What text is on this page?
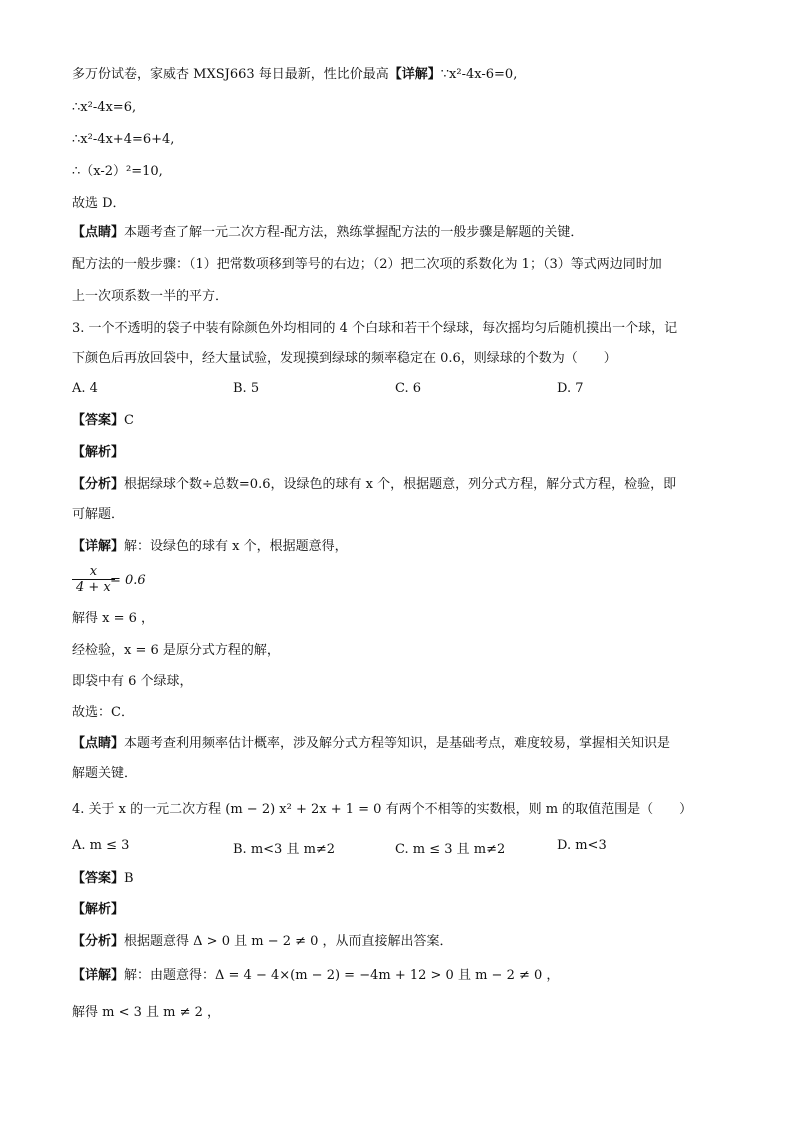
多万份试卷，家威杏 MXSJ663 每日最新，性比价最高【详解】∵x²-4x-6=0,
∴x²-4x=6,
∴x²-4x+4=6+4,
∴（x-2）²=10,
故选 D．
【点睛】本题考查了解一元二次方程-配方法，熟练掌握配方法的一般步骤是解题的关键．
配方法的一般步骤：（1）把常数项移到等号的右边；（2）把二次项的系数化为 1；（3）等式两边同时加
上一次项系数一半的平方．
3. 一个不透明的袋子中装有除颜色外均相同的 4 个白球和若干个绿球，每次摇均匀后随机摸出一个球，记
下颜色后再放回袋中，经大量试验，发现摸到绿球的频率稳定在 0.6，则绿球的个数为（　　）
A. 4	B. 5	C. 6	D. 7
【答案】C
【解析】
【分析】根据绿球个数÷总数=0.6，设绿色的球有 x 个，根据题意，列分式方程，解分式方程，检验，即
可解题．
【详解】解：设绿色的球有 x 个，根据题意得，
$\frac{x}{4 + x}$
= 0.6
解得 x = 6 ，
经检验，x = 6 是原分式方程的解，
即袋中有 6 个绿球，
故选：C．
【点睛】本题考查利用频率估计概率，涉及解分式方程等知识，是基础考点，难度较易，掌握相关知识是
解题关键．
4. 关于 x 的一元二次方程 (m − 2) x² + 2x + 1 = 0 有两个不相等的实数根，则 m 的取值范围是（　　）
A. m ≤ 3	B. m<3 且 m≠2	C. m ≤ 3 且 m≠2	D. m<3
【答案】B
【解析】
【分析】根据题意得 Δ > 0 且 m − 2 ≠ 0 ，从而直接解出答案．
【详解】解：由题意得：Δ = 4 − 4×(m − 2) = −4m + 12 > 0 且 m − 2 ≠ 0 ，
解得 m < 3 且 m ≠ 2 ，
